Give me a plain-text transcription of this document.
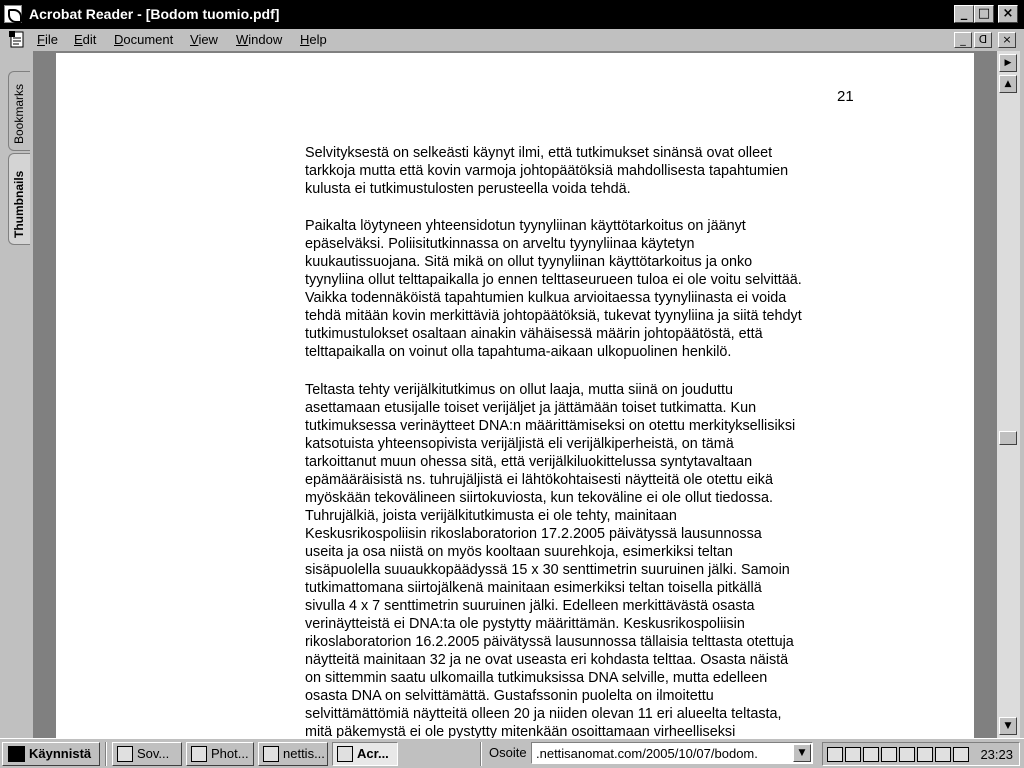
Acrobat Reader - [Bodom tuomio.pdf]	_ □ ×
File Edit Document View Window Help	_	ᗡ	×
Bookmarks
Thumbnails
21
Selvityksestä on selkeästi käynyt ilmi, että tutkimukset sinänsä ovat olleet
tarkkoja mutta että kovin varmoja johtopäätöksiä mahdollisesta tapahtumien
kulusta ei tutkimustulosten perusteella voida tehdä.
Paikalta löytyneen yhteensidotun tyynyliinan käyttötarkoitus on jäänyt
epäselväksi. Poliisitutkinnassa on arveltu tyynyliinaa käytetyn
kuukautissuojana. Sitä mikä on ollut tyynyliinan käyttötarkoitus ja onko
tyynyliina ollut telttapaikalla jo ennen telttaseurueen tuloa ei ole voitu selvittää.
Vaikka todennäköistä tapahtumien kulkua arvioitaessa tyynyliinasta ei voida
tehdä mitään kovin merkittäviä johtopäätöksiä, tukevat tyynyliina ja siitä tehdyt
tutkimustulokset osaltaan ainakin vähäisessä määrin johtopäätöstä, että
telttapaikalla on voinut olla tapahtuma-aikaan ulkopuolinen henkilö.
Teltasta tehty verijälkitutkimus on ollut laaja, mutta siinä on jouduttu
asettamaan etusijalle toiset verijäljet ja jättämään toiset tutkimatta. Kun
tutkimuksessa verinäytteet DNA:n määrittämiseksi on otettu merkityksellisiksi
katsotuista yhteensopivista verijäljistä eli verijälkiperheistä, on tämä
tarkoittanut muun ohessa sitä, että verijälkiluokittelussa syntytavaltaan
epämääräisistä ns. tuhrujäljistä ei lähtökohtaisesti näytteitä ole otettu eikä
myöskään tekovälineen siirtokuviosta, kun tekoväline ei ole ollut tiedossa.
Tuhrujälkiä, joista verijälkitutkimusta ei ole tehty, mainitaan
Keskusrikospoliisin rikoslaboratorion 17.2.2005 päivätyssä lausunnossa
useita ja osa niistä on myös kooltaan suurehkoja, esimerkiksi teltan
sisäpuolella suuaukkopäädyssä 15 x 30 senttimetrin suuruinen jälki. Samoin
tutkimattomana siirtojälkenä mainitaan esimerkiksi teltan toisella pitkällä
sivulla 4 x 7 senttimetrin suuruinen jälki. Edelleen merkittävästä osasta
verinäytteistä ei DNA:ta ole pystytty määrittämän. Keskusrikospoliisin
rikoslaboratorion 16.2.2005 päivätyssä lausunnossa tällaisia telttasta otettuja
näytteitä mainitaan 32 ja ne ovat useasta eri kohdasta telttaa. Osasta näistä
on sittemmin saatu ulkomailla tutkimuksissa DNA selville, mutta edelleen
osasta DNA on selvittämättä. Gustafssonin puolelta on ilmoitettu
selvittämättömiä näytteitä olleen 20 ja niiden olevan 11 eri alueelta teltasta,
mitä päkemystä ei ole pystytty mitenkään osoittamaan virheelliseksi
▶
▲
▼
Käynnistä	Sov...	Phot...	nettis...	Acr...	Osoite
.nettisanomat.com/2005/10/07/bodom.	▼	23:23
